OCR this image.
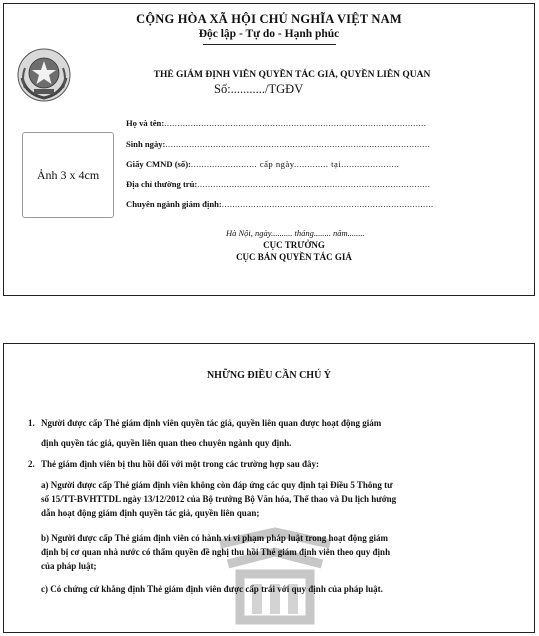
CỘNG HÒA XÃ HỘI CHỦ NGHĨA VIỆT NAM
Độc lập - Tự do - Hạnh phúc
THẺ GIÁM ĐỊNH VIÊN QUYỀN TÁC GIẢ, QUYỀN LIÊN QUAN
Số:.........../TGĐV
Ảnh 3 x 4cm
Họ và tên:...................................................................................................
Sinh ngày:....................................................................................................
Giấy CMND (số):......................... cấp ngày............. tại......................
Địa chỉ thường trú:........................................................................................
Chuyên ngành giám định:................................................................................
Hà Nội, ngày.......... tháng........ năm........
CỤC TRƯỞNG
CỤC BẢN QUYỀN TÁC GIẢ
NHỮNG ĐIỀU CẦN CHÚ Ý
1. Người được cấp Thẻ giám định viên quyền tác giả, quyền liên quan được hoạt động giám
định quyền tác giả, quyền liên quan theo chuyên ngành quy định.
2. Thẻ giám định viên bị thu hồi đối với một trong các trường hợp sau đây:
a) Người được cấp Thẻ giám định viên không còn đáp ứng các quy định tại Điều 5 Thông tư
số 15/TT-BVHTTDL ngày 13/12/2012 của Bộ trưởng Bộ Văn hóa, Thể thao và Du lịch hướng
dẫn hoạt động giám định quyền tác giả, quyền liên quan;
b) Người được cấp Thẻ giám định viên có hành vi vi phạm pháp luật trong hoạt động giám
định bị cơ quan nhà nước có thẩm quyền đề nghị thu hồi Thẻ giám định viên theo quy định
của pháp luật;
c) Có chứng cứ khẳng định Thẻ giám định viên được cấp trái với quy định của pháp luật.
